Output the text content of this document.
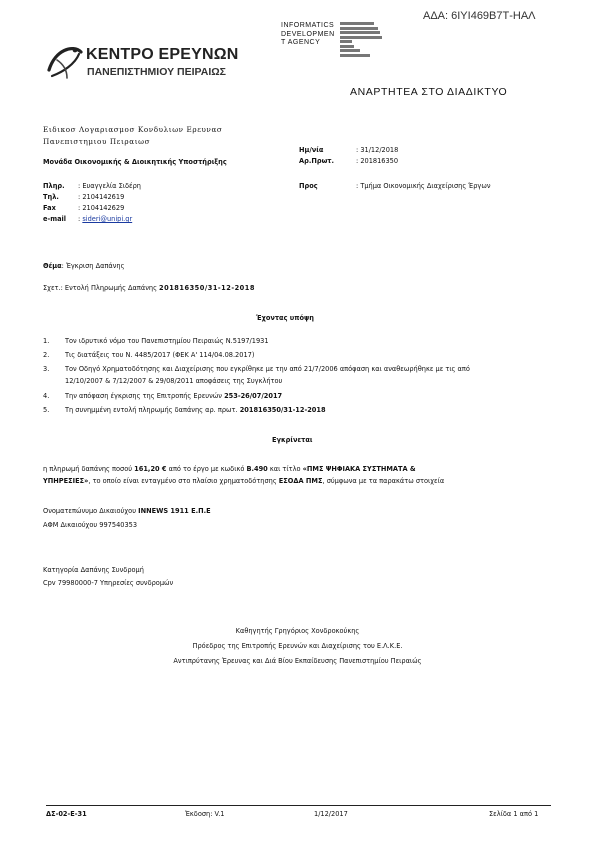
ΑΔΑ: 6ΙΥΙ469Β7Τ-ΗΑΛ
INFORMATICS
DEVELOPMEN
T AGENCY
ΚΕΝΤΡΟ ΕΡΕΥΝΩΝ
ΠΑΝΕΠΙΣΤΗΜΙΟΥ ΠΕΙΡΑΙΩΣ
ΑΝΑΡΤΗΤΕΑ ΣΤΟ ΔΙΑΔΙΚΤΥΟ
Ειδικοσ Λογαριασμοσ Κονδυλιων Ερευνασ
Πανεπιστημιου Πειραιωσ
Μονάδα Οικονομικής & Διοικητικής Υποστήριξης
Ημ/νία	: 31/12/2018
Αρ.Πρωτ.	: 201816350
Πληρ. : Ευαγγελία Σιδέρη
Τηλ.	: 2104142619
Fax	: 2104142629
e-mail : sideri@unipi.gr
Προς	: Τμήμα Οικονομικής Διαχείρισης Έργων
Θέμα: Έγκριση Δαπάνης
Σχετ.: Εντολή Πληρωμής Δαπάνης 201816350/31-12-2018
Έχοντας υπόψη
1. Τον ιδρυτικό νόμο του Πανεπιστημίου Πειραιώς Ν.5197/1931
2. Τις διατάξεις του Ν. 4485/2017 (ΦΕΚ Α' 114/04.08.2017)
3. Τον Οδηγό Χρηματοδότησης και Διαχείρισης που εγκρίθηκε με την από 21/7/2006 απόφαση και αναθεωρήθηκε με τις από
12/10/2007 & 7/12/2007 & 29/08/2011 αποφάσεις της Συγκλήτου
4. Την απόφαση έγκρισης της Επιτροπής Ερευνών 253-26/07/2017
5. Τη συνημμένη εντολή πληρωμής δαπάνης αρ. πρωτ. 201816350/31-12-2018
Εγκρίνεται
η πληρωμή δαπάνης ποσού 161,20 € από το έργο με κωδικό B.490 και τίτλο «ΠΜΣ ΨΗΦΙΑΚΑ ΣΥΣΤΗΜΑΤΑ &
ΥΠΗΡΕΣΙΕΣ», το οποίο είναι ενταγμένο στο πλαίσιο χρηματοδότησης ΕΣΟΔΑ ΠΜΣ, σύμφωνα με τα παρακάτω στοιχεία
Ονοματεπώνυμο Δικαιούχου INNEWS 1911 Ε.Π.Ε
ΑΦΜ Δικαιούχου 997540353
Κατηγορία Δαπάνης Συνδρομή
Cpv 79980000-7 Υπηρεσίες συνδρομών
Καθηγητής Γρηγόριος Χονδροκούκης
Πρόεδρος της Επιτροπής Ερευνών και Διαχείρισης του Ε.Λ.Κ.Ε.
Αντιπρύτανης Έρευνας και Διά Βίου Εκπαίδευσης Πανεπιστημίου Πειραιώς
ΔΣ-02-Ε-31	Έκδοση: V.1	1/12/2017	Σελίδα 1 από 1
